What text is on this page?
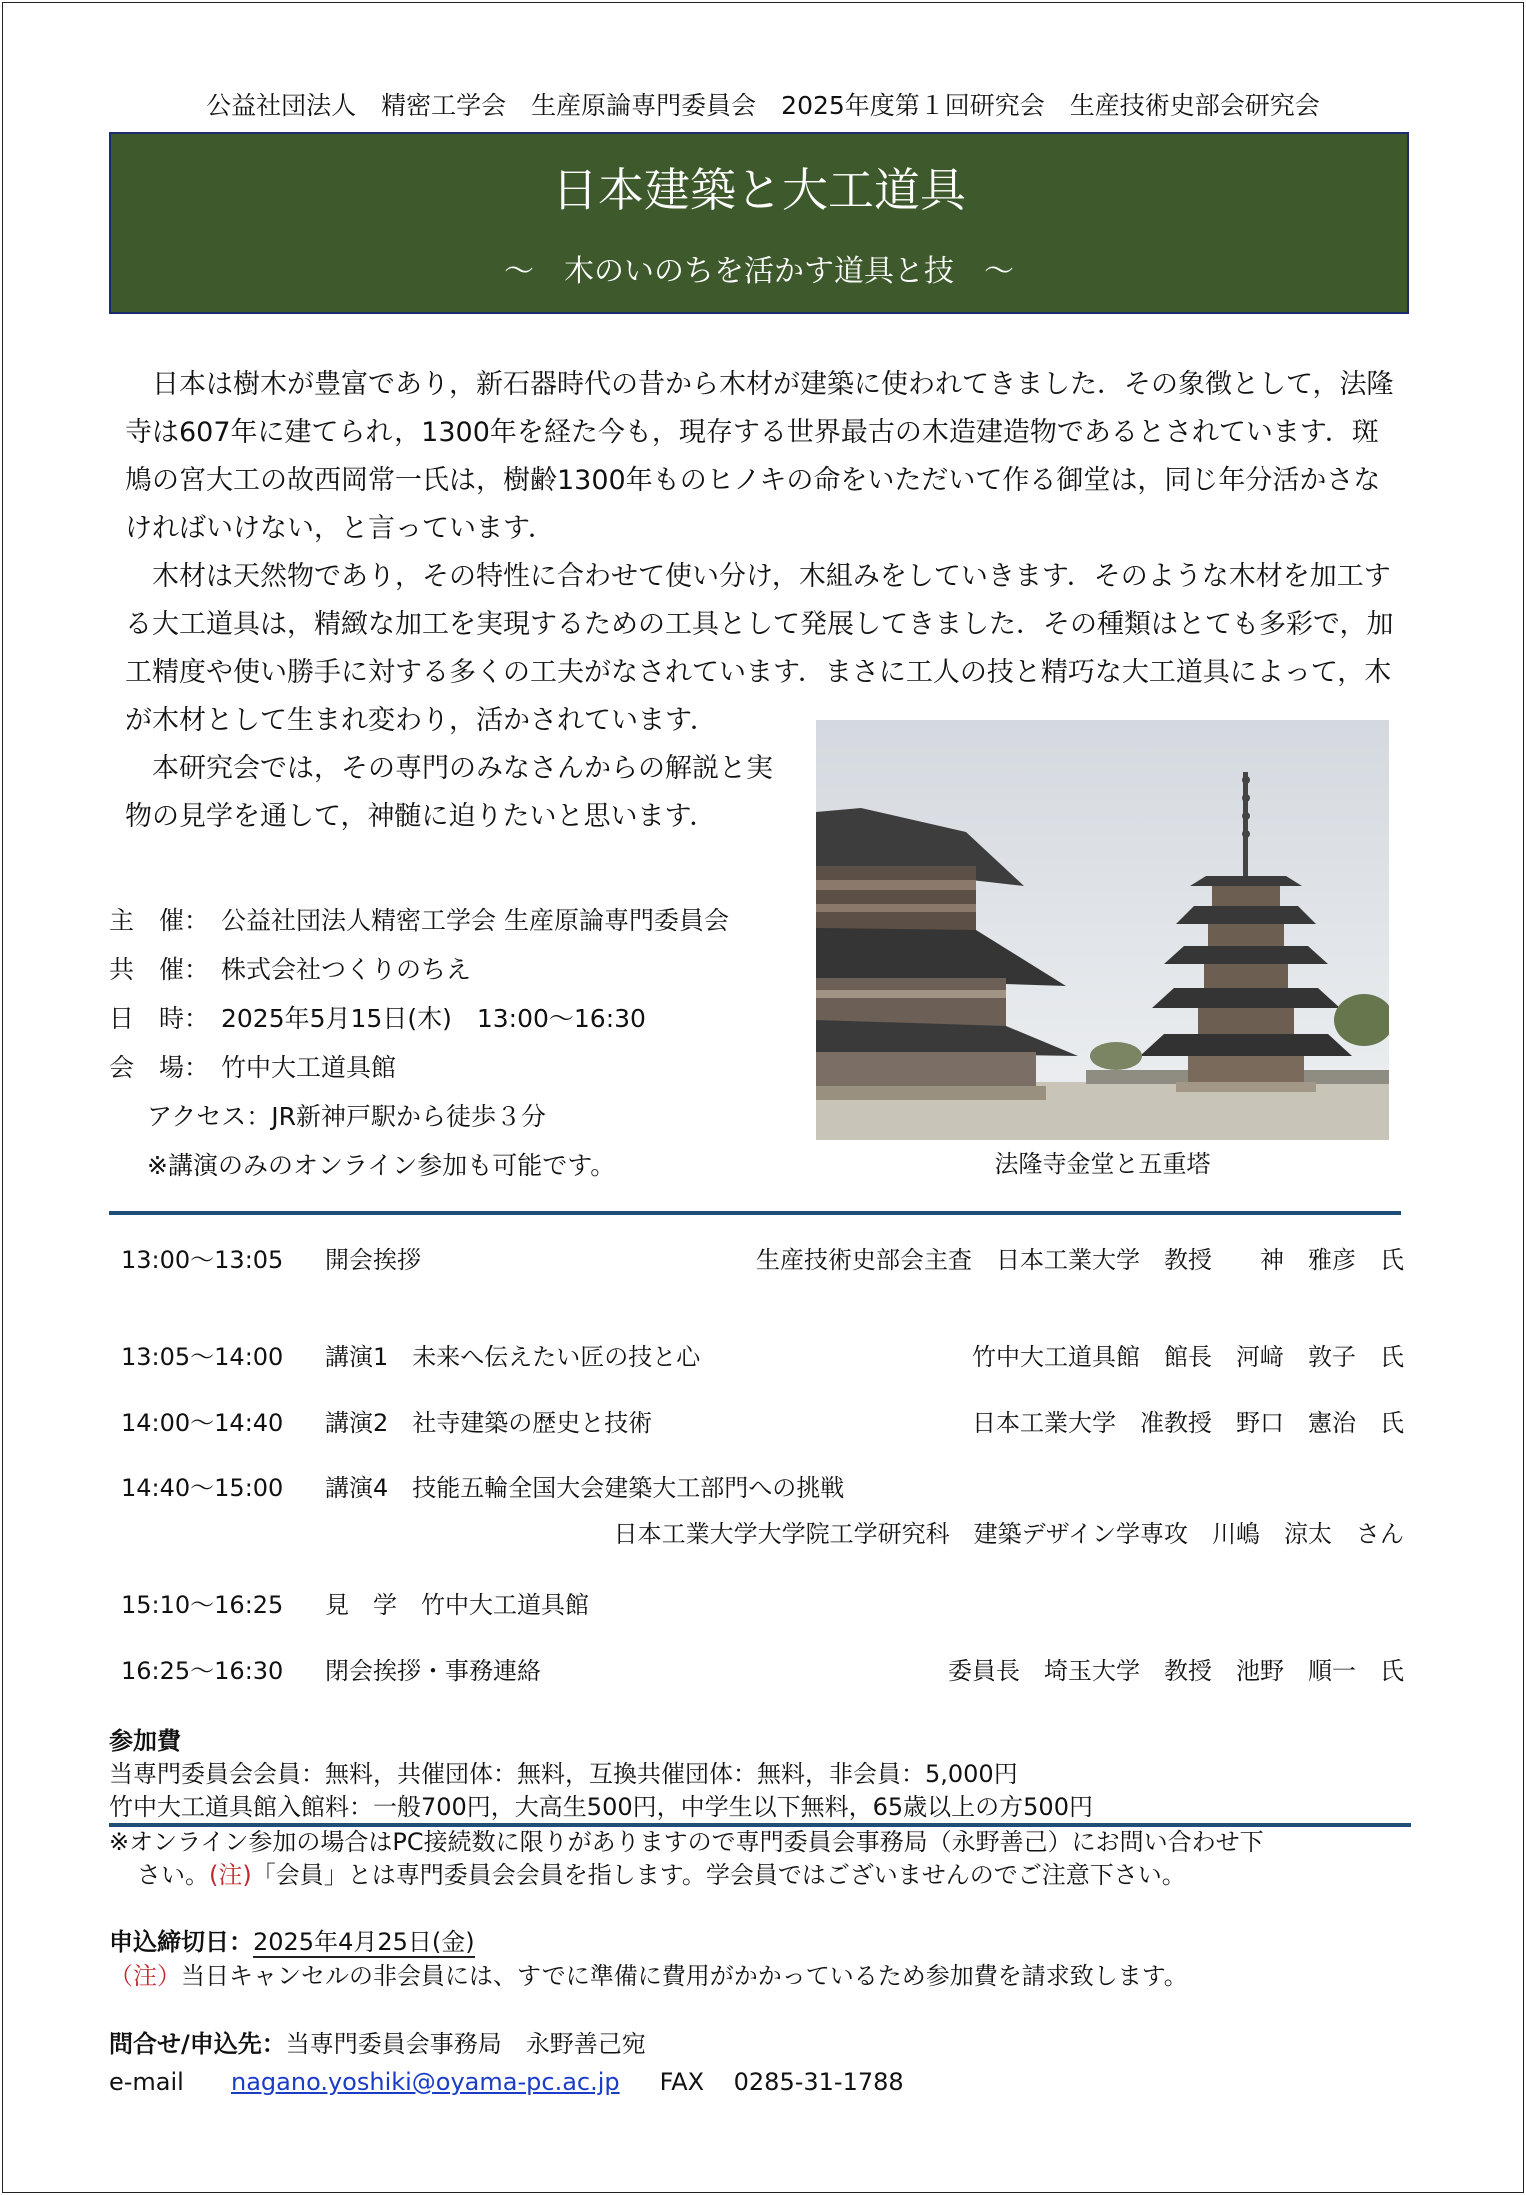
公益社団法人　精密工学会　生産原論専門委員会　2025年度第１回研究会　生産技術史部会研究会
日本建築と大工道具
～　木のいのちを活かす道具と技　～

　日本は樹木が豊富であり，新石器時代の昔から木材が建築に使われてきました．その象徴として，法隆寺は607年に建てられ，1300年を経た今も，現存する世界最古の木造建造物であるとされています．斑鳩の宮大工の故西岡常一氏は，樹齢1300年ものヒノキの命をいただいて作る御堂は，同じ年分活かさなければいけない，と言っています．

　木材は天然物であり，その特性に合わせて使い分け，木組みをしていきます．そのような木材を加工する大工道具は，精緻な加工を実現するための工具として発展してきました．その種類はとても多彩で，加工精度や使い勝手に対する多くの工夫がなされています．まさに工人の技と精巧な大工道具によって，木が木材として生まれ変わり，活かされています．

　本研究会では，その専門のみなさんからの解説と実物の見学を通して，神髄に迫りたいと思います．

法隆寺金堂と五重塔
主　催： 公益社団法人精密工学会 生産原論専門委員会
共　催： 株式会社つくりのちえ
日　時： 2025年5月15日(木)　13:00～16:30
会　場： 竹中大工道具館
アクセス：JR新神戸駅から徒歩３分
※講演のみのオンライン参加も可能です。
13:00～13:05 開会挨拶	生産技術史部会主査　日本工業大学　教授　　神　雅彦　氏
13:05～14:00 講演1　未来へ伝えたい匠の技と心	竹中大工道具館　館長　河﨑　敦子　氏
14:00～14:40 講演2　社寺建築の歴史と技術	日本工業大学　准教授　野口　憲治　氏
14:40～15:00 講演4　技能五輪全国大会建築大工部門への挑戦
日本工業大学大学院工学研究科　建築デザイン学専攻　川嶋　涼太　さん
15:10～16:25 見　学　竹中大工道具館
16:25～16:30 閉会挨拶・事務連絡	委員長　埼玉大学　教授　池野　順一　氏
参加費
当専門委員会会員：無料，共催団体：無料，互換共催団体：無料，非会員：5,000円
竹中大工道具館入館料：一般700円，大高生500円，中学生以下無料，65歳以上の方500円
※オンライン参加の場合はPC接続数に限りがありますので専門委員会事務局（永野善己）にお問い合わせ下
さい。(注)「会員」とは専門委員会会員を指します。学会員ではございませんのでご注意下さい。
申込締切日：2025年4月25日(金)
（注）当日キャンセルの非会員には、すでに準備に費用がかかっているため参加費を請求致します。
問合せ/申込先：当専門委員会事務局　永野善己宛
e-mail nagano.yoshiki@oyama-pc.ac.jp FAX 0285-31-1788
